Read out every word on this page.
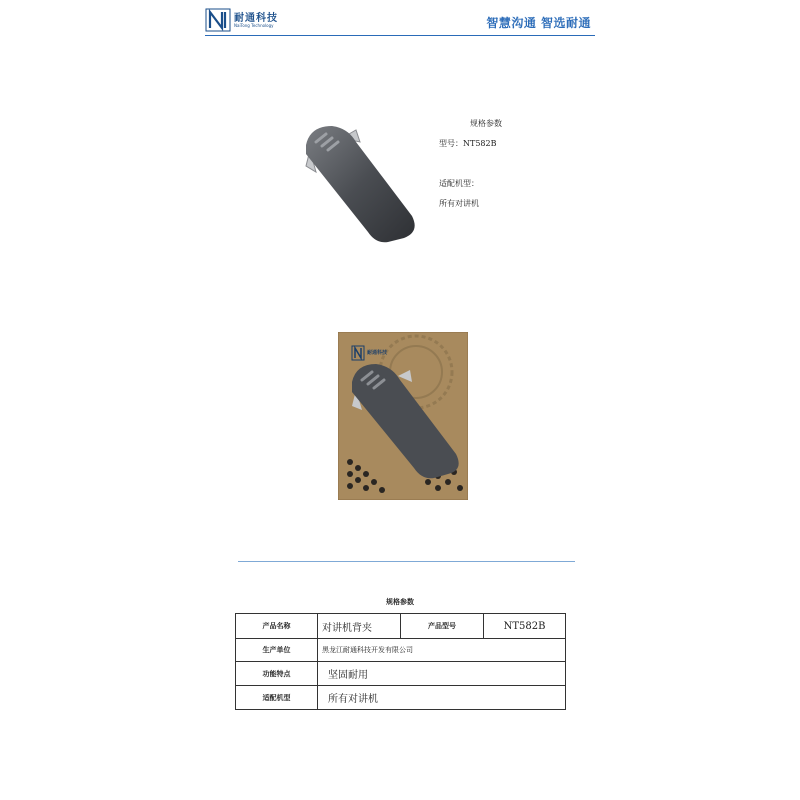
耐通科技
NaiTong Technology	智慧沟通 智选耐通
规格参数
型号：NT582B
适配机型：
所有对讲机
耐通科技
规格参数
产品名称	对讲机背夹	产品型号	NT582B
生产单位	黑龙江耐通科技开发有限公司		
功能特点	坚固耐用		
适配机型	所有对讲机		
